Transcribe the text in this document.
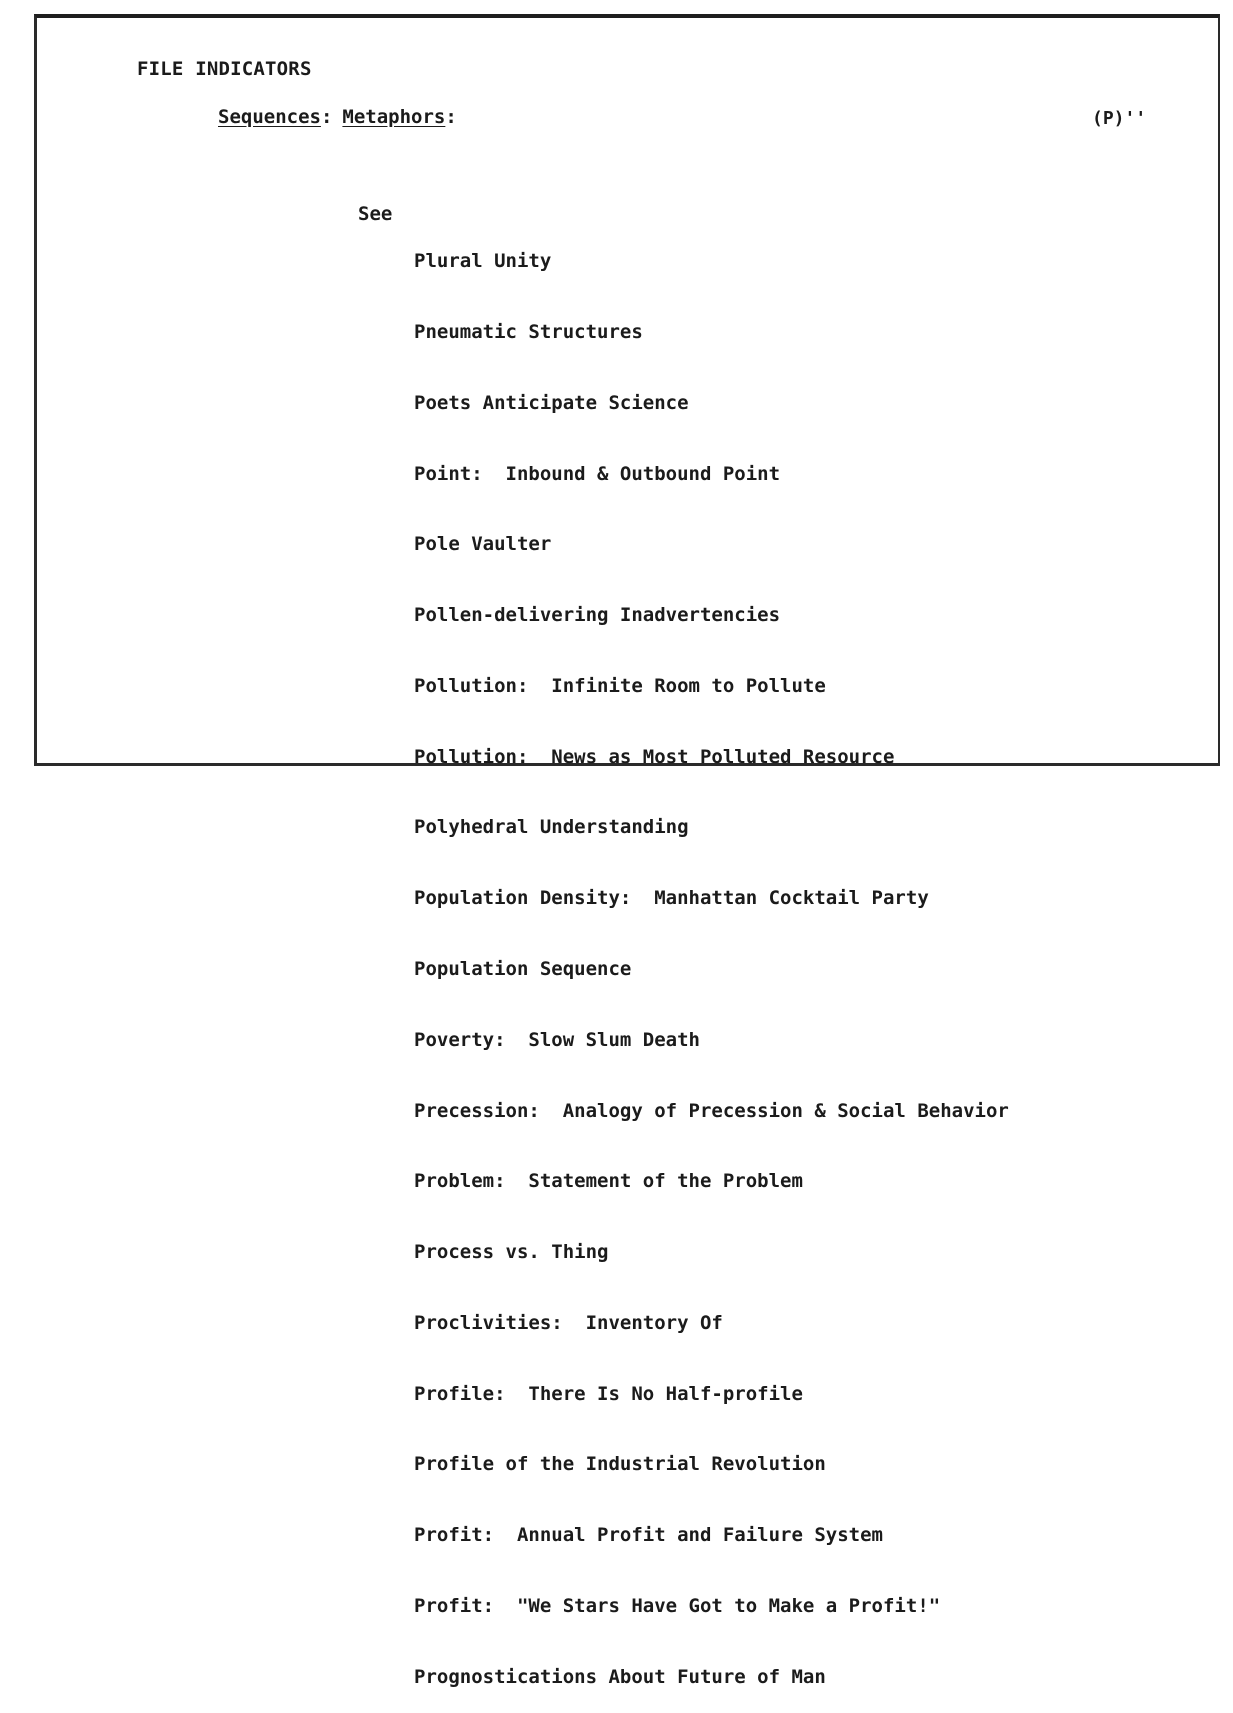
FILE INDICATORS
Sequences: Metaphors:	(P)''
See

Plural Unity

Pneumatic Structures

Poets Anticipate Science

Point:  Inbound & Outbound Point

Pole Vaulter

Pollen-delivering Inadvertencies

Pollution:  Infinite Room to Pollute

Pollution:  News as Most Polluted Resource

Polyhedral Understanding

Population Density:  Manhattan Cocktail Party

Population Sequence

Poverty:  Slow Slum Death

Precession:  Analogy of Precession & Social Behavior

Problem:  Statement of the Problem

Process vs. Thing

Proclivities:  Inventory Of

Profile:  There Is No Half-profile

Profile of the Industrial Revolution

Profit:  Annual Profit and Failure System

Profit:  "We Stars Have Got to Make a Profit!"

Prognostications About Future of Man
